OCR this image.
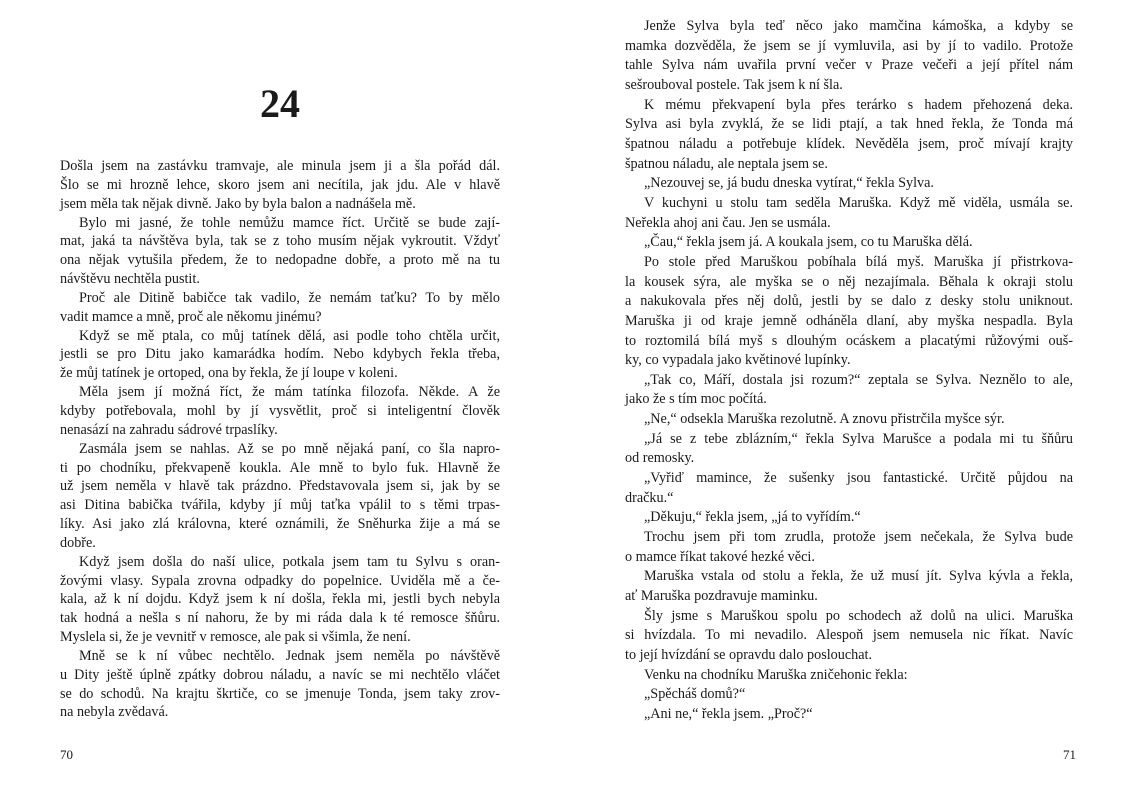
24
Došla jsem na zastávku tramvaje, ale minula jsem ji a šla pořád dál.
Šlo se mi hrozně lehce, skoro jsem ani necítila, jak jdu. Ale v hlavě
jsem měla tak nějak divně. Jako by byla balon a nadnášela mě.
Bylo mi jasné, že tohle nemůžu mamce říct. Určitě se bude zají-
mat, jaká ta návštěva byla, tak se z toho musím nějak vykroutit. Vždyť
ona nějak vytušila předem, že to nedopadne dobře, a proto mě na tu
návštěvu nechtěla pustit.
Proč ale Ditině babičce tak vadilo, že nemám taťku? To by mělo
vadit mamce a mně, proč ale někomu jinému?
Když se mě ptala, co můj tatínek dělá, asi podle toho chtěla určit,
jestli se pro Ditu jako kamarádka hodím. Nebo kdybych řekla třeba,
že můj tatínek je ortoped, ona by řekla, že jí loupe v koleni.
Měla jsem jí možná říct, že mám tatínka filozofa. Někde. A že
kdyby potřebovala, mohl by jí vysvětlit, proč si inteligentní člověk
nenasází na zahradu sádrové trpaslíky.
Zasmála jsem se nahlas. Až se po mně nějaká paní, co šla napro-
ti po chodníku, překvapeně koukla. Ale mně to bylo fuk. Hlavně že
už jsem neměla v hlavě tak prázdno. Představovala jsem si, jak by se
asi Ditina babička tvářila, kdyby jí můj taťka vpálil to s těmi trpas-
líky. Asi jako zlá královna, které oznámili, že Sněhurka žije a má se
dobře.
Když jsem došla do naší ulice, potkala jsem tam tu Sylvu s oran-
žovými vlasy. Sypala zrovna odpadky do popelnice. Uviděla mě a če-
kala, až k ní dojdu. Když jsem k ní došla, řekla mi, jestli bych nebyla
tak hodná a nešla s ní nahoru, že by mi ráda dala k té remosce šňůru.
Myslela si, že je vevnitř v remosce, ale pak si všimla, že není.
Mně se k ní vůbec nechtělo. Jednak jsem neměla po návštěvě
u Dity ještě úplně zpátky dobrou náladu, a navíc se mi nechtělo vláčet
se do schodů. Na krajtu škrtiče, co se jmenuje Tonda, jsem taky zrov-
na nebyla zvědavá.
70
Jenže Sylva byla teď něco jako mamčina kámoška, a kdyby se
mamka dozvěděla, že jsem se jí vymluvila, asi by jí to vadilo. Protože
tahle Sylva nám uvařila první večer v Praze večeři a její přítel nám
sešrouboval postele. Tak jsem k ní šla.
K mému překvapení byla přes terárko s hadem přehozená deka.
Sylva asi byla zvyklá, že se lidi ptají, a tak hned řekla, že Tonda má
špatnou náladu a potřebuje klídek. Nevěděla jsem, proč mívají krajty
špatnou náladu, ale neptala jsem se.
„Nezouvej se, já budu dneska vytírat,“ řekla Sylva.
V kuchyni u stolu tam seděla Maruška. Když mě viděla, usmála se.
Neřekla ahoj ani čau. Jen se usmála.
„Čau,“ řekla jsem já. A koukala jsem, co tu Maruška dělá.
Po stole před Maruškou pobíhala bílá myš. Maruška jí přistrkova-
la kousek sýra, ale myška se o něj nezajímala. Běhala k okraji stolu
a nakukovala přes něj dolů, jestli by se dalo z desky stolu uniknout.
Maruška ji od kraje jemně odháněla dlaní, aby myška nespadla. Byla
to roztomilá bílá myš s dlouhým ocáskem a placatými růžovými ouš-
ky, co vypadala jako květinové lupínky.
„Tak co, Máří, dostala jsi rozum?“ zeptala se Sylva. Neznělo to ale,
jako že s tím moc počítá.
„Ne,“ odsekla Maruška rezolutně. A znovu přistrčila myšce sýr.
„Já se z tebe zblázním,“ řekla Sylva Marušce a podala mi tu šňůru
od remosky.
„Vyřiď mamince, že sušenky jsou fantastické. Určitě půjdou na
dračku.“
„Děkuju,“ řekla jsem, „já to vyřídím.“
Trochu jsem při tom zrudla, protože jsem nečekala, že Sylva bude
o mamce říkat takové hezké věci.
Maruška vstala od stolu a řekla, že už musí jít. Sylva kývla a řekla,
ať Maruška pozdravuje maminku.
Šly jsme s Maruškou spolu po schodech až dolů na ulici. Maruška
si hvízdala. To mi nevadilo. Alespoň jsem nemusela nic říkat. Navíc
to její hvízdání se opravdu dalo poslouchat.
Venku na chodníku Maruška zničehonic řekla:
„Spěcháš domů?“
„Ani ne,“ řekla jsem. „Proč?“
71
